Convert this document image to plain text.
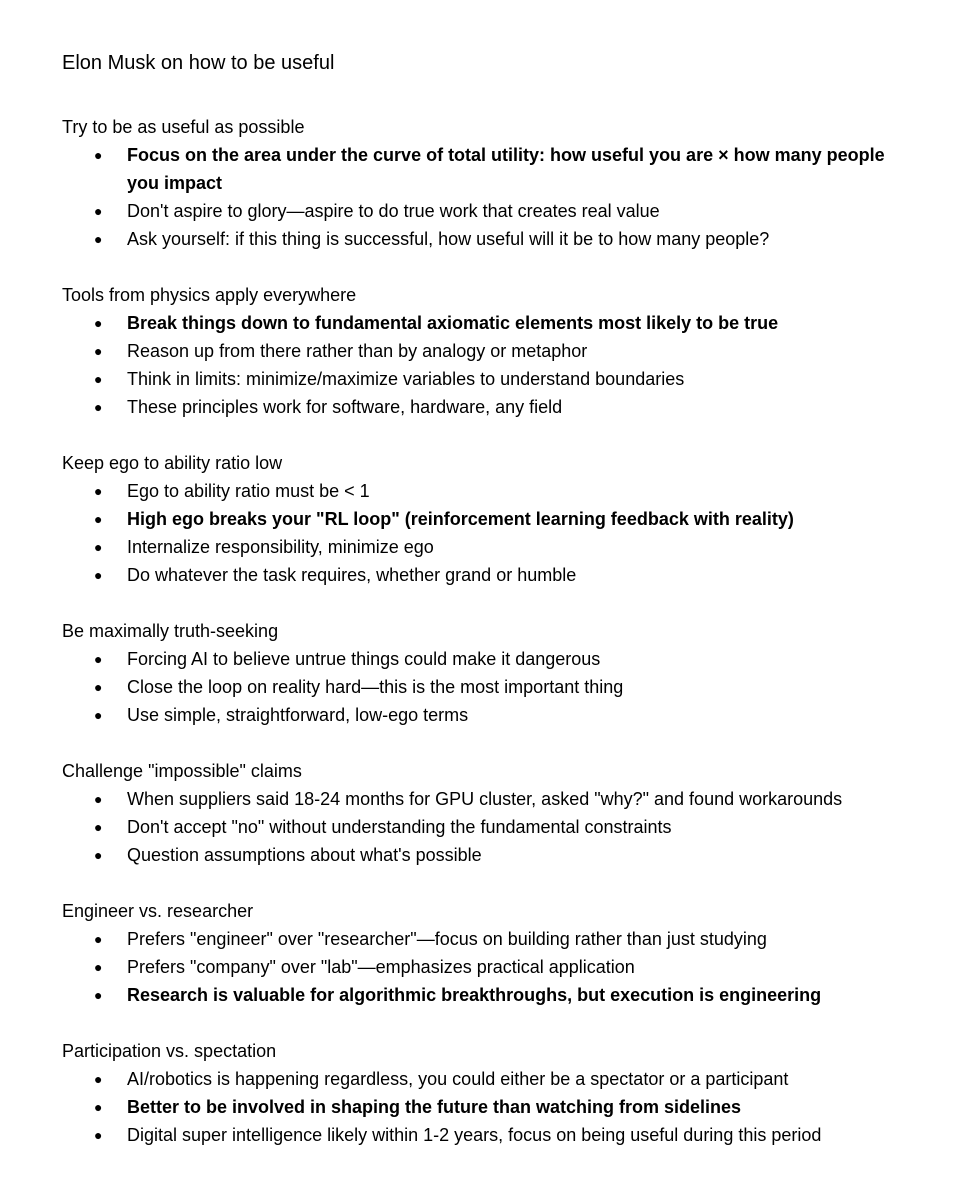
Elon Musk on how to be useful

Try to be as useful as possible

● Focus on the area under the curve of total utility: how useful you are × how many people you impact
● Don't aspire to glory—aspire to do true work that creates real value
● Ask yourself: if this thing is successful, how useful will it be to how many people?

Tools from physics apply everywhere

● Break things down to fundamental axiomatic elements most likely to be true
● Reason up from there rather than by analogy or metaphor
● Think in limits: minimize/maximize variables to understand boundaries
● These principles work for software, hardware, any field

Keep ego to ability ratio low

● Ego to ability ratio must be < 1
● High ego breaks your "RL loop" (reinforcement learning feedback with reality)
● Internalize responsibility, minimize ego
● Do whatever the task requires, whether grand or humble

Be maximally truth-seeking

● Forcing AI to believe untrue things could make it dangerous
● Close the loop on reality hard—this is the most important thing
● Use simple, straightforward, low-ego terms

Challenge "impossible" claims

● When suppliers said 18-24 months for GPU cluster, asked "why?" and found workarounds
● Don't accept "no" without understanding the fundamental constraints
● Question assumptions about what's possible

Engineer vs. researcher

● Prefers "engineer" over "researcher"—focus on building rather than just studying
● Prefers "company" over "lab"—emphasizes practical application
● Research is valuable for algorithmic breakthroughs, but execution is engineering

Participation vs. spectation

● AI/robotics is happening regardless, you could either be a spectator or a participant
● Better to be involved in shaping the future than watching from sidelines
● Digital super intelligence likely within 1-2 years, focus on being useful during this period
